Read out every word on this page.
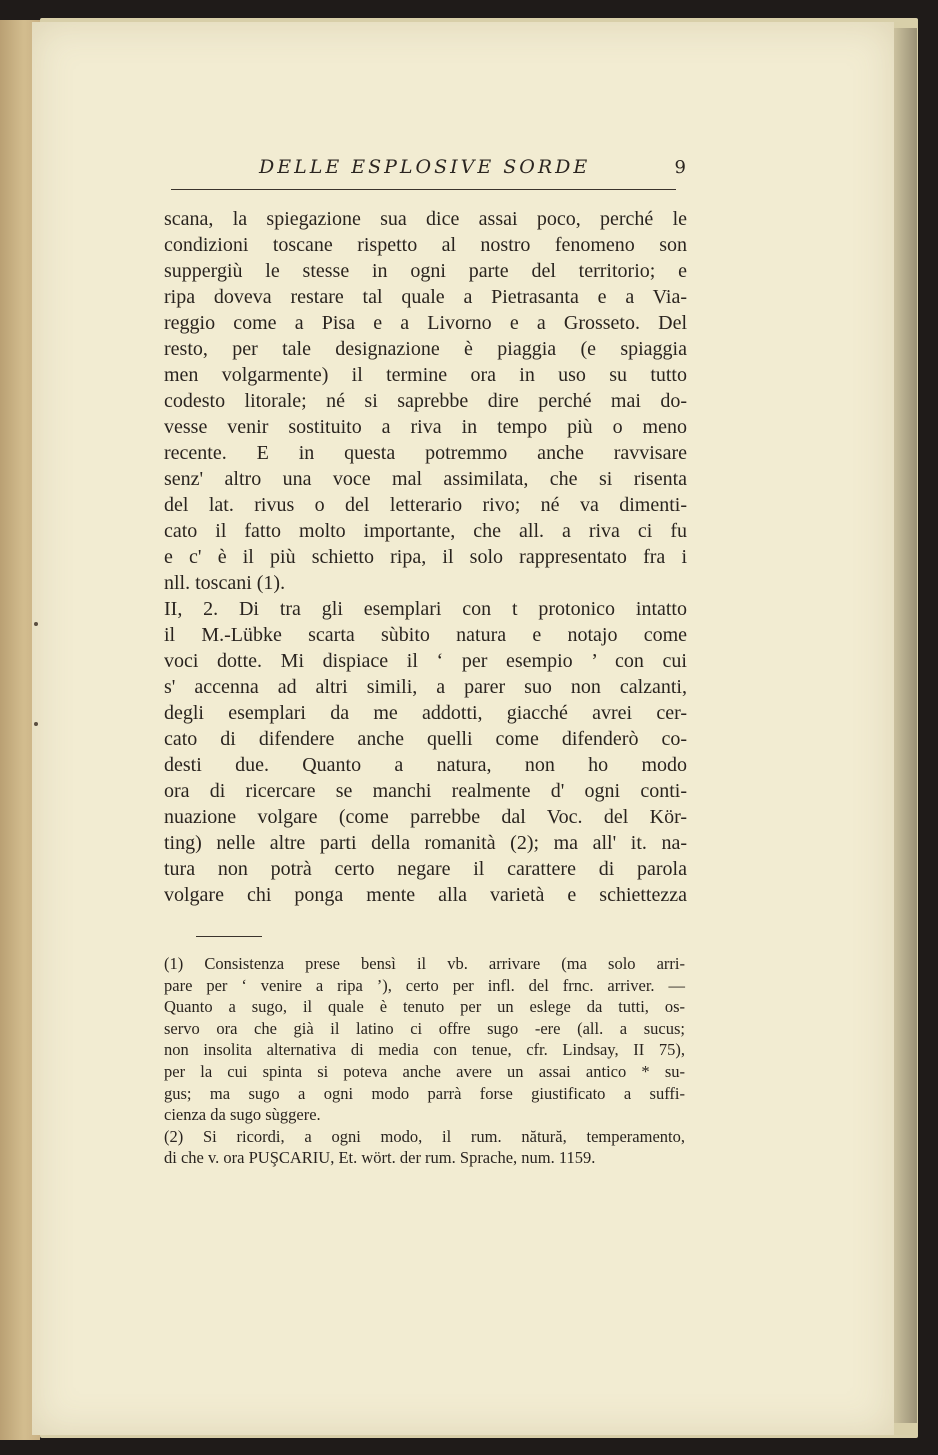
DELLE ESPLOSIVE SORDE	9
scana, la spiegazione sua dice assai poco, perché le
condizioni toscane rispetto al nostro fenomeno son
suppergiù le stesse in ogni parte del territorio; e
ripa doveva restare tal quale a Pietrasanta e a Via-
reggio come a Pisa e a Livorno e a Grosseto. Del
resto, per tale designazione è piaggia (e spiaggia
men volgarmente) il termine ora in uso su tutto
codesto litorale; né si saprebbe dire perché mai do-
vesse venir sostituito a riva in tempo più o meno
recente. E in questa potremmo anche ravvisare
senz' altro una voce mal assimilata, che si risenta
del lat. rivus o del letterario rivo; né va dimenti-
cato il fatto molto importante, che all. a riva ci fu
e c' è il più schietto ripa, il solo rappresentato fra i
nll. toscani (1).
II, 2. Di tra gli esemplari con t protonico intatto
il M.-Lübke scarta sùbito natura e notajo come
voci dotte. Mi dispiace il ‘ per esempio ’ con cui
s' accenna ad altri simili, a parer suo non calzanti,
degli esemplari da me addotti, giacché avrei cer-
cato di difendere anche quelli come difenderò co-
desti due. Quanto a natura, non ho modo
ora di ricercare se manchi realmente d' ogni conti-
nuazione volgare (come parrebbe dal Voc. del Kör-
ting) nelle altre parti della romanità (2); ma all' it. na-
tura non potrà certo negare il carattere di parola
volgare chi ponga mente alla varietà e schiettezza
(1) Consistenza prese bensì il vb. arrivare (ma solo arri-
pare per ‘ venire a ripa ’), certo per infl. del frnc. arriver. —
Quanto a sugo, il quale è tenuto per un eslege da tutti, os-
servo ora che già il latino ci offre sugo -ere (all. a sucus;
non insolita alternativa di media con tenue, cfr. Lindsay, II 75),
per la cui spinta si poteva anche avere un assai antico * su-
gus; ma sugo a ogni modo parrà forse giustificato a suffi-
cienza da sugo sùggere.
(2) Si ricordi, a ogni modo, il rum. nătură, temperamento,
di che v. ora PUŞCARIU, Et. wört. der rum. Sprache, num. 1159.
